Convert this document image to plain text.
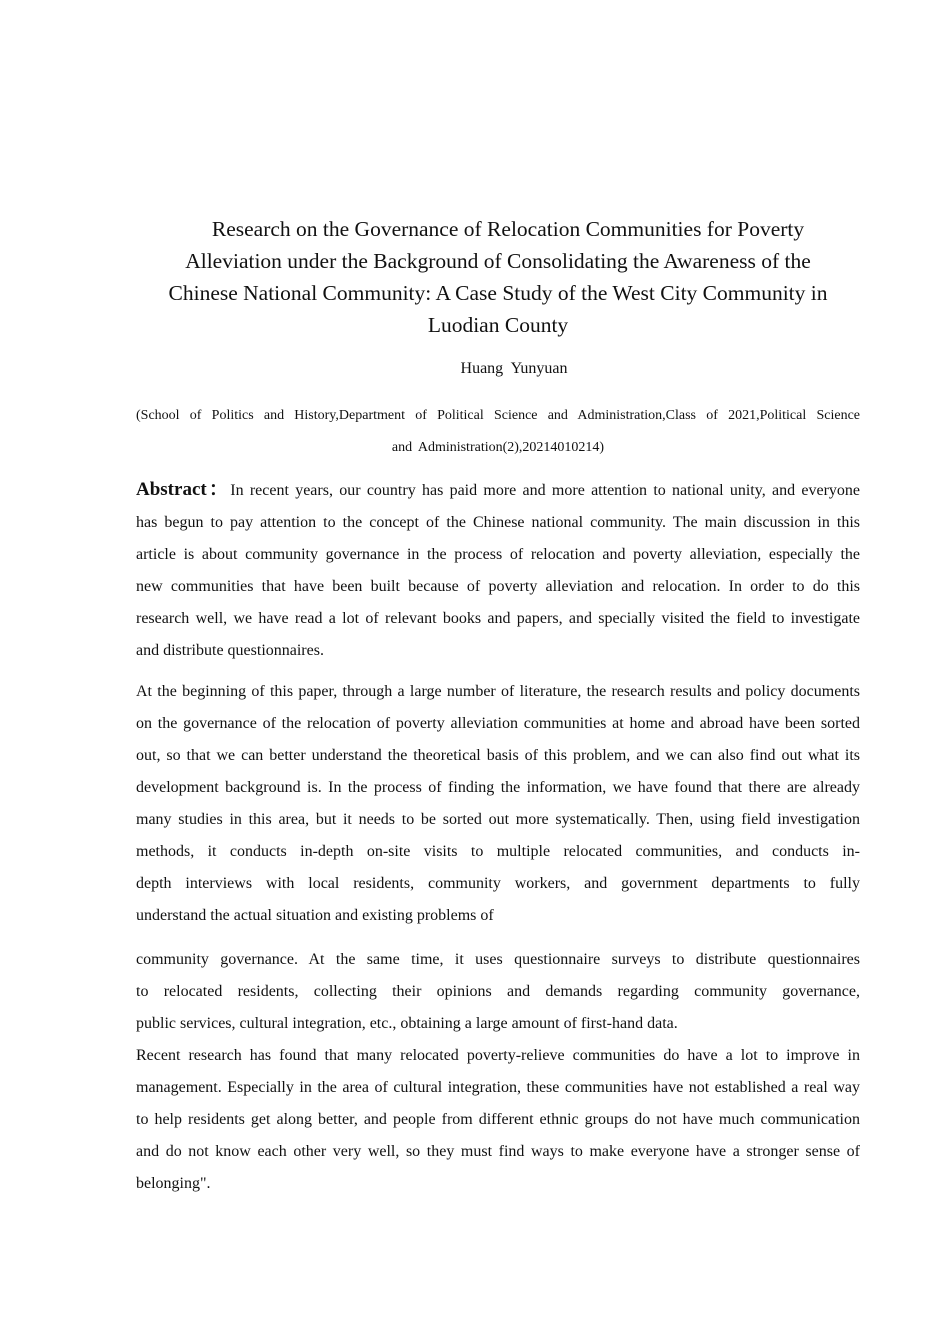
Research on the Governance of Relocation Communities for Poverty
Alleviation under the Background of Consolidating the Awareness of the
Chinese National Community: A Case Study of the West City Community in
Luodian County

Huang Yunyuan

(School of Politics and History,Department of Political Science and Administration,Class of 2021,Political Science
and Administration(2),20214010214)

Abstract：In recent years, our country has paid more and more attention to national unity, and everyone
has begun to pay attention to the concept of the Chinese national community. The main discussion in this
article is about community governance in the process of relocation and poverty alleviation, especially the
new communities that have been built because of poverty alleviation and relocation. In order to do this
research well, we have read a lot of relevant books and papers, and specially visited the field to investigate
and distribute questionnaires.
At the beginning of this paper, through a large number of literature, the research results and policy documents
on the governance of the relocation of poverty alleviation communities at home and abroad have been sorted
out, so that we can better understand the theoretical basis of this problem, and we can also find out what its
development background is. In the process of finding the information, we have found that there are already
many studies in this area, but it needs to be sorted out more systematically. Then, using field investigation
methods, it conducts in-depth on-site visits to multiple relocated communities, and conducts in-
depth interviews with local residents, community workers, and government departments to fully
understand the actual situation and existing problems of
community governance. At the same time, it uses questionnaire surveys to distribute questionnaires
to relocated residents, collecting their opinions and demands regarding community governance,
public services, cultural integration, etc., obtaining a large amount of first-hand data.
Recent research has found that many relocated poverty-relieve communities do have a lot to improve in
management. Especially in the area of cultural integration, these communities have not established a real way
to help residents get along better, and people from different ethnic groups do not have much communication
and do not know each other very well, so they must find ways to make everyone have a stronger sense of
belonging".
